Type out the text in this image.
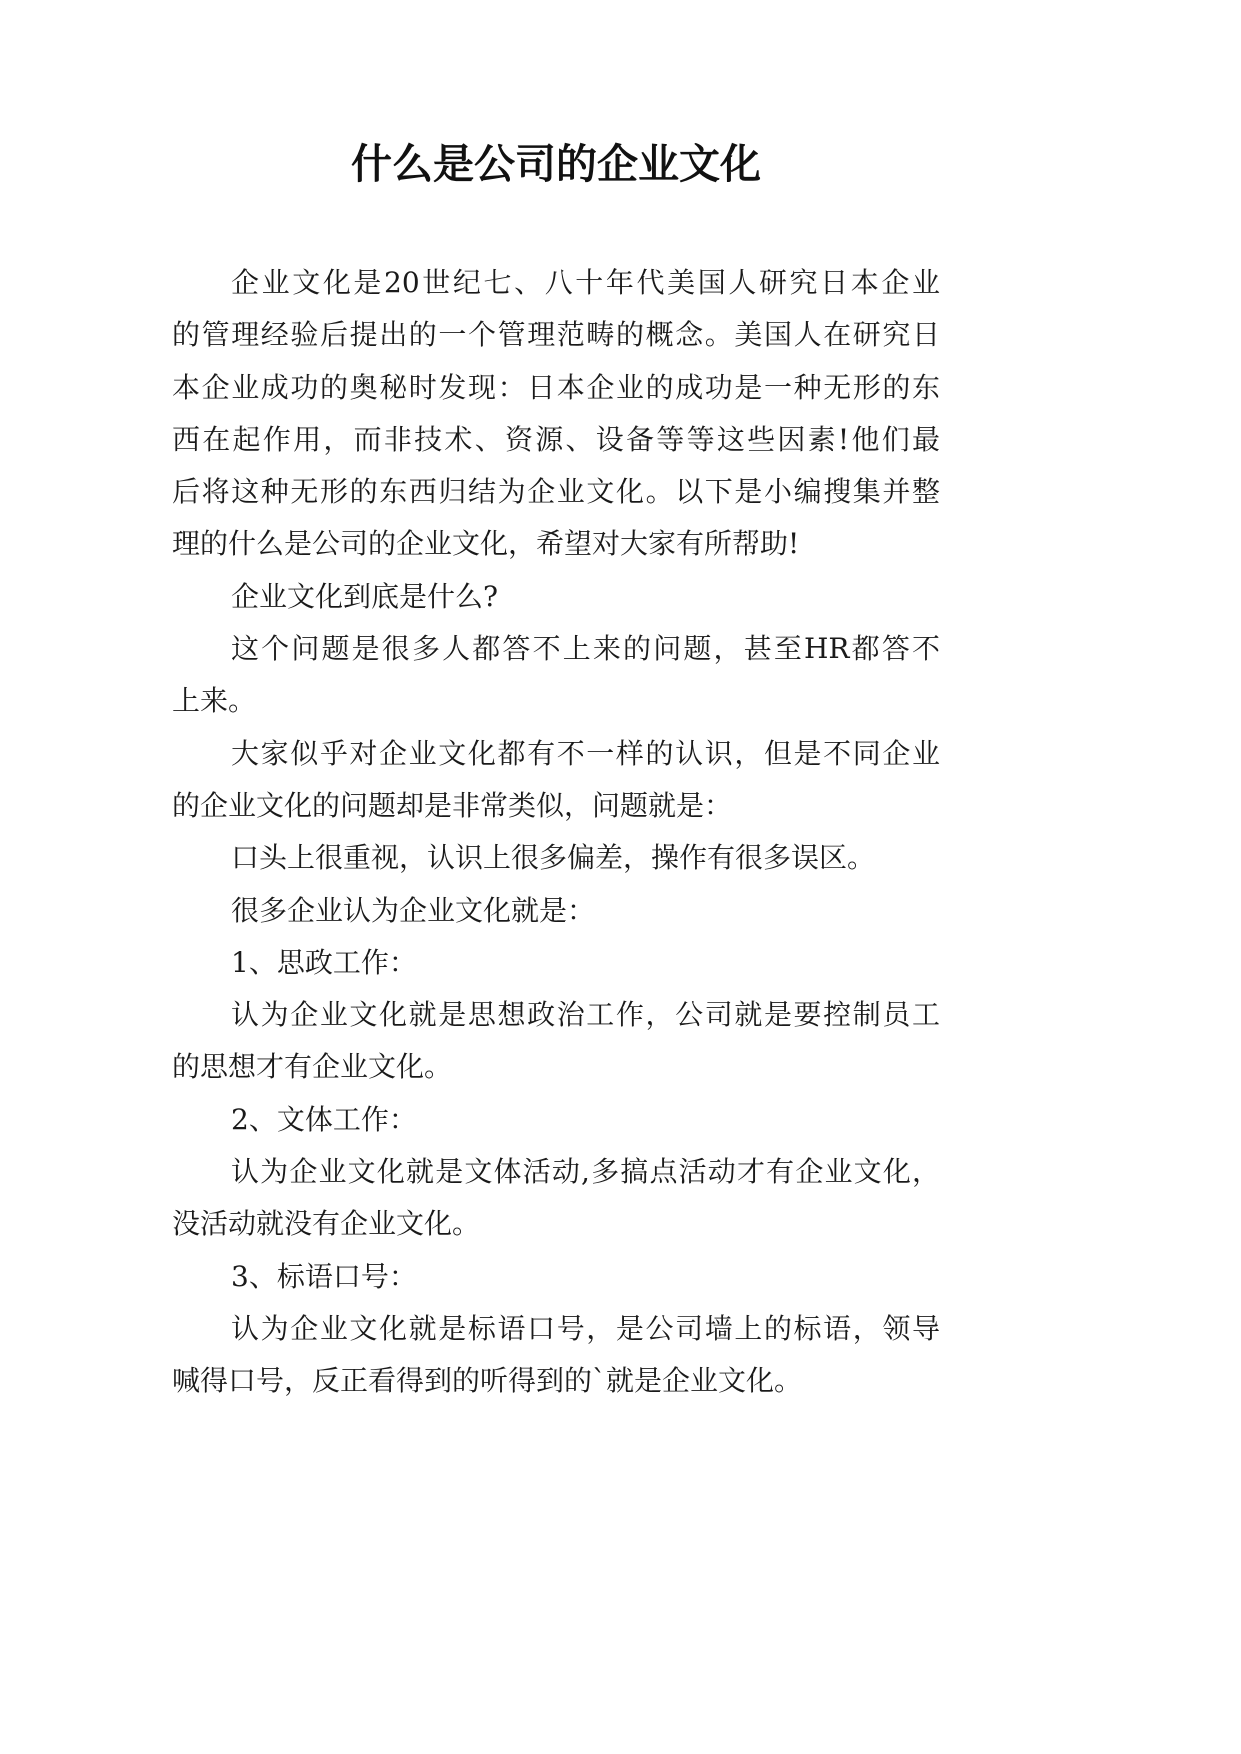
什么是公司的企业文化
企业文化是20世纪七、八十年代美国人研究日本企业
的管理经验后提出的一个管理范畴的概念。美国人在研究日
本企业成功的奥秘时发现：日本企业的成功是一种无形的东
西在起作用，而非技术、资源、设备等等这些因素!他们最
后将这种无形的东西归结为企业文化。以下是小编搜集并整
理的什么是公司的企业文化，希望对大家有所帮助!
企业文化到底是什么?
这个问题是很多人都答不上来的问题，甚至HR都答不
上来。
大家似乎对企业文化都有不一样的认识，但是不同企业
的企业文化的问题却是非常类似，问题就是：
口头上很重视，认识上很多偏差，操作有很多误区。
很多企业认为企业文化就是：
1、思政工作：
认为企业文化就是思想政治工作，公司就是要控制员工
的思想才有企业文化。
2、文体工作：
认为企业文化就是文体活动,多搞点活动才有企业文化，
没活动就没有企业文化。
3、标语口号：
认为企业文化就是标语口号，是公司墙上的标语，领导
喊得口号，反正看得到的听得到的`就是企业文化。
